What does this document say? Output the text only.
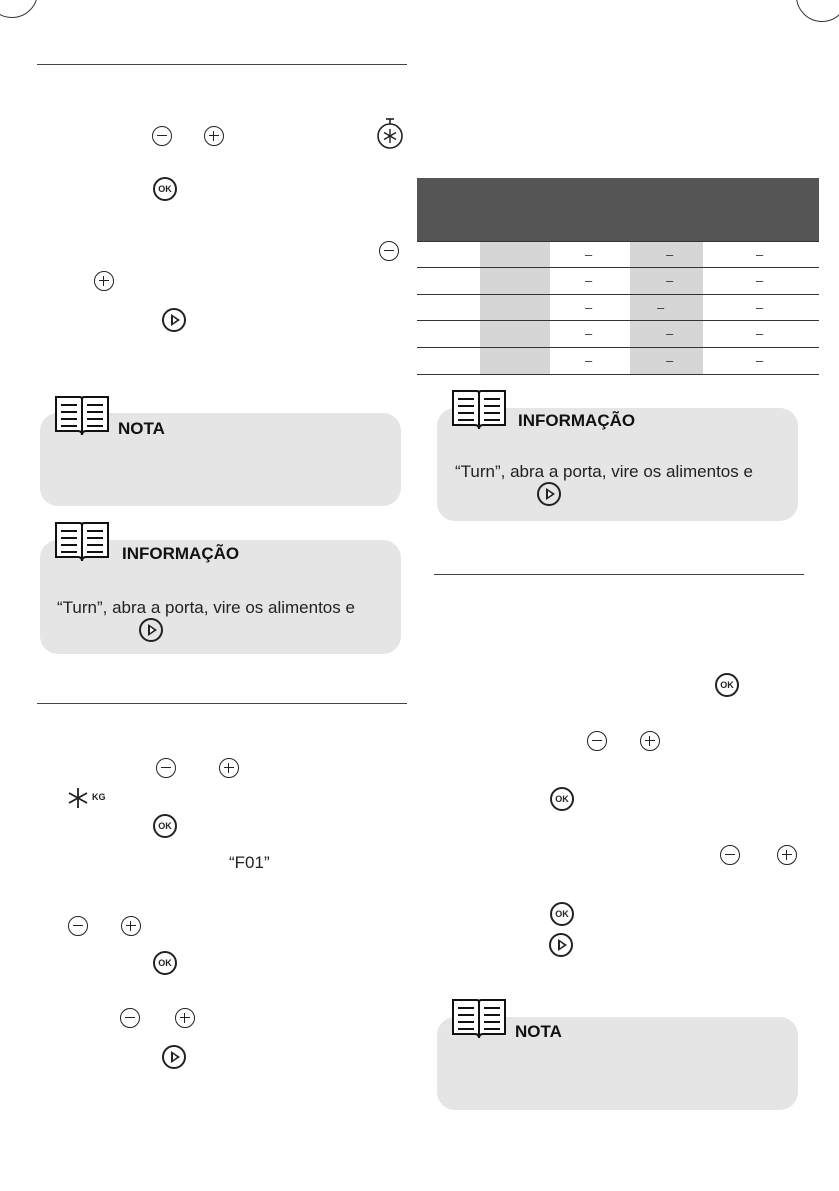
OK
NOTA
INFORMAÇÃO
“Turn”, abra a porta, vire os alimentos e
KG
OK
“F01”
OK
–	–	–
–	–	–
–	–	–
–	–	–
–	–	–
INFORMAÇÃO
“Turn”, abra a porta, vire os alimentos e
OK
OK
OK
NOTA
